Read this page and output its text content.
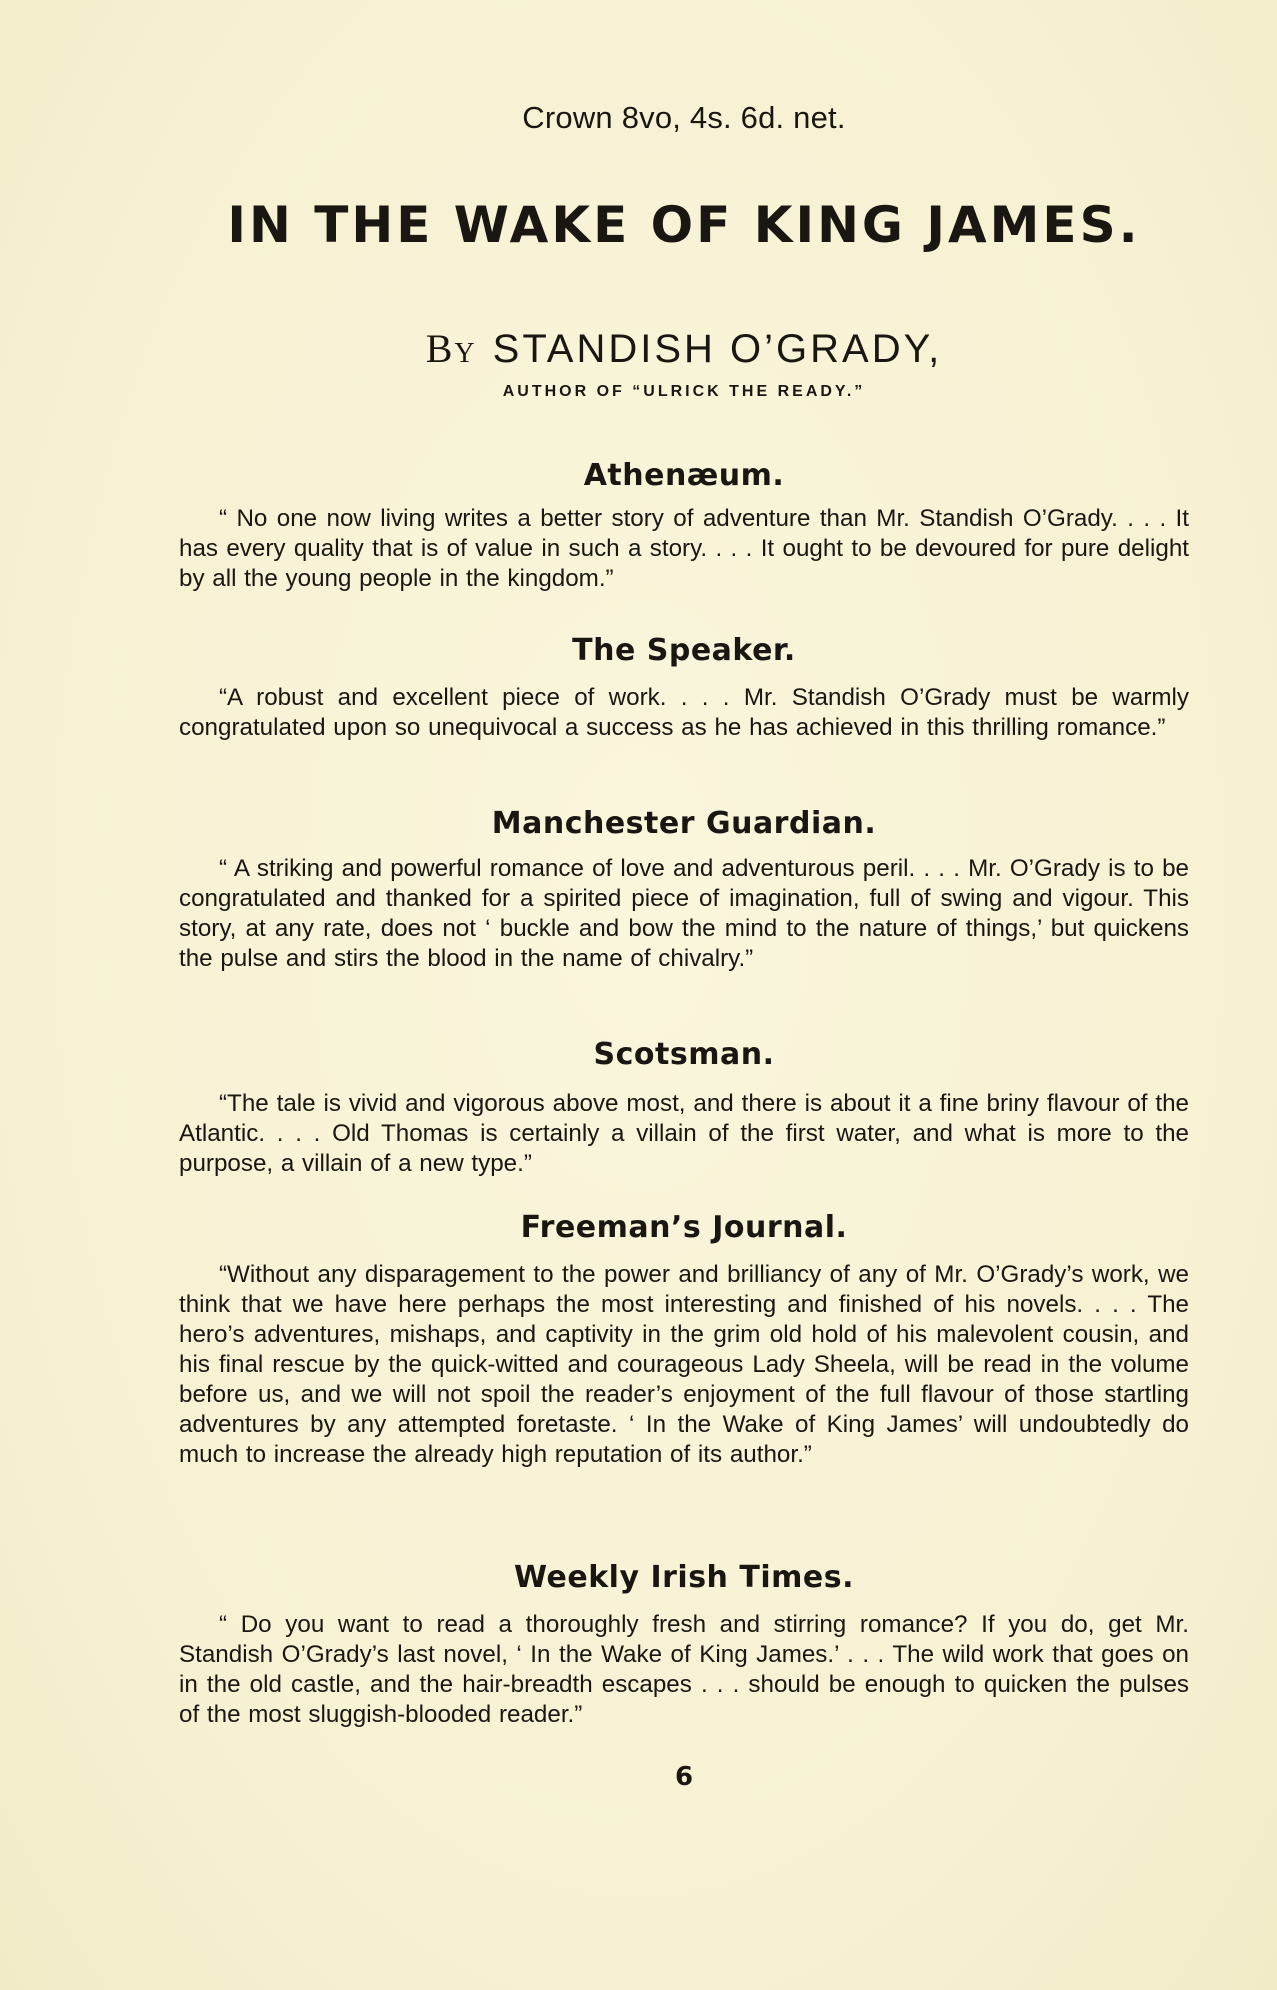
Crown 8vo, 4s. 6d. net.
IN THE WAKE OF KING JAMES.
By STANDISH O’GRADY,
AUTHOR OF “ULRICK THE READY.”
Athenæum.

“ No one now living writes a better story of adventure than Mr. Standish O’Grady. . . . It has every quality that is of value in such a story. . . . It ought to be devoured for pure delight by all the young people in the kingdom.”

The Speaker.

“A robust and excellent piece of work. . . . Mr. Standish O’Grady must be warmly congratulated upon so unequivocal a success as he has achieved in this thrilling romance.”

Manchester Guardian.

“ A striking and powerful romance of love and adventurous peril. . . . Mr. O’Grady is to be congratulated and thanked for a spirited piece of imagination, full of swing and vigour. This story, at any rate, does not ‘ buckle and bow the mind to the nature of things,’ but quickens the pulse and stirs the blood in the name of chivalry.”

Scotsman.

“The tale is vivid and vigorous above most, and there is about it a fine briny flavour of the Atlantic. . . . Old Thomas is certainly a villain of the first water, and what is more to the purpose, a villain of a new type.”

Freeman’s Journal.

“Without any disparagement to the power and brilliancy of any of Mr. O’Grady’s work, we think that we have here perhaps the most interesting and finished of his novels. . . . The hero’s adventures, mishaps, and captivity in the grim old hold of his malevolent cousin, and his final rescue by the quick-witted and courageous Lady Sheela, will be read in the volume before us, and we will not spoil the reader’s enjoyment of the full flavour of those startling adventures by any attempted foretaste. ‘ In the Wake of King James’ will undoubtedly do much to increase the already high reputation of its author.”

Weekly Irish Times.

“ Do you want to read a thoroughly fresh and stirring romance? If you do, get Mr. Standish O’Grady’s last novel, ‘ In the Wake of King James.’ . . . The wild work that goes on in the old castle, and the hair-breadth escapes . . . should be enough to quicken the pulses of the most sluggish-blooded reader.”

6
